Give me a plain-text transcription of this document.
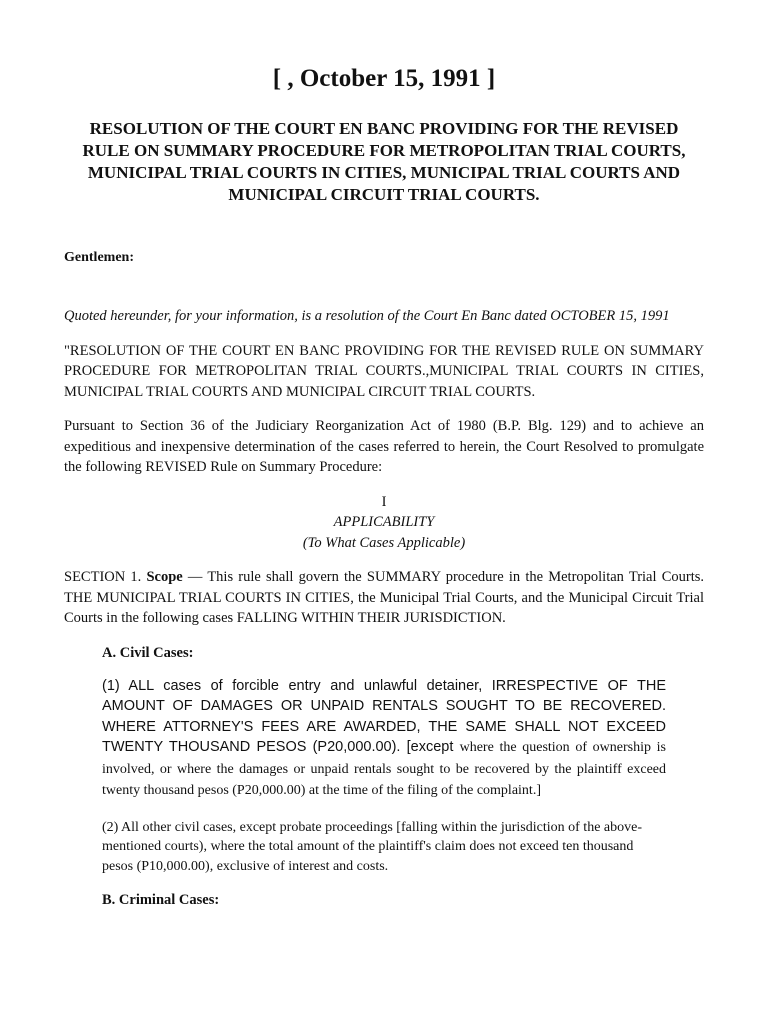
[ , October 15, 1991 ]
RESOLUTION OF THE COURT EN BANC PROVIDING FOR THE REVISED RULE ON SUMMARY PROCEDURE FOR METROPOLITAN TRIAL COURTS, MUNICIPAL TRIAL COURTS IN CITIES, MUNICIPAL TRIAL COURTS AND MUNICIPAL CIRCUIT TRIAL COURTS.

Gentlemen:

Quoted hereunder, for your information, is a resolution of the Court En Banc dated OCTOBER 15, 1991

"RESOLUTION OF THE COURT EN BANC PROVIDING FOR THE REVISED RULE ON SUMMARY PROCEDURE FOR METROPOLITAN TRIAL COURTS.,MUNICIPAL TRIAL COURTS IN CITIES, MUNICIPAL TRIAL COURTS AND MUNICIPAL CIRCUIT TRIAL COURTS.

Pursuant to Section 36 of the Judiciary Reorganization Act of 1980 (B.P. Blg. 129) and to achieve an expeditious and inexpensive determination of the cases referred to herein, the Court Resolved to promulgate the following REVISED Rule on Summary Procedure:

I
APPLICABILITY
(To What Cases Applicable)

SECTION 1. Scope — This rule shall govern the SUMMARY procedure in the Metropolitan Trial Courts. THE MUNICIPAL TRIAL COURTS IN CITIES, the Municipal Trial Courts, and the Municipal Circuit Trial Courts in the following cases FALLING WITHIN THEIR JURISDICTION.

A. Civil Cases:

(1) ALL cases of forcible entry and unlawful detainer, IRRESPECTIVE OF THE AMOUNT OF DAMAGES OR UNPAID RENTALS SOUGHT TO BE RECOVERED. WHERE ATTORNEY'S FEES ARE AWARDED, THE SAME SHALL NOT EXCEED TWENTY THOUSAND PESOS (P20,000.00). [except where the question of ownership is involved, or where the damages or unpaid rentals sought to be recovered by the plaintiff exceed twenty thousand pesos (P20,000.00) at the time of the filing of the complaint.]

(2) All other civil cases, except probate proceedings [falling within the jurisdiction of the above-mentioned courts), where the total amount of the plaintiff's claim does not exceed ten thousand pesos (P10,000.00), exclusive of interest and costs.

B. Criminal Cases:
